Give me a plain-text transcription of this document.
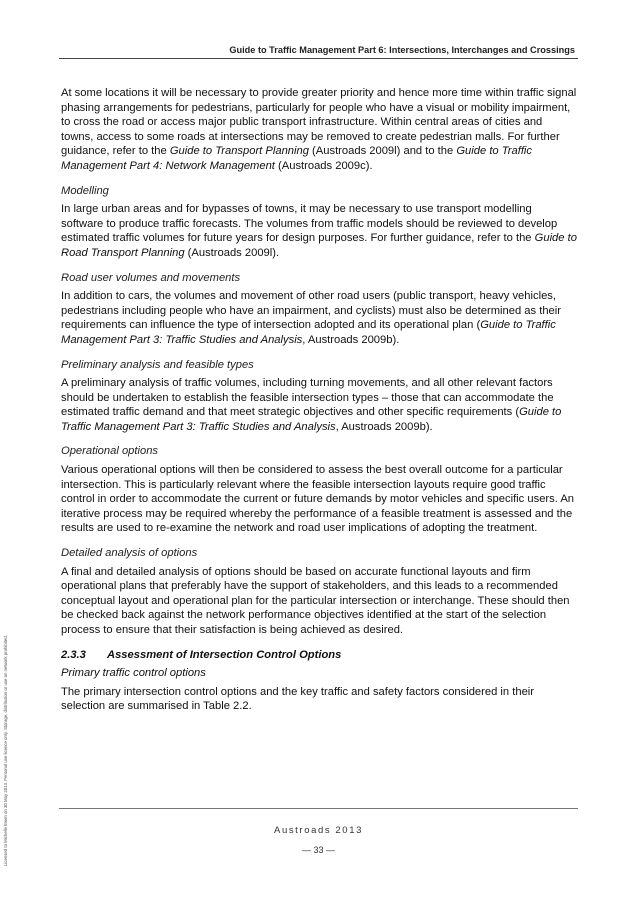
Guide to Traffic Management Part 6: Intersections, Interchanges and Crossings

At some locations it will be necessary to provide greater priority and hence more time within traffic signal phasing arrangements for pedestrians, particularly for people who have a visual or mobility impairment, to cross the road or access major public transport infrastructure. Within central areas of cities and towns, access to some roads at intersections may be removed to create pedestrian malls. For further guidance, refer to the Guide to Transport Planning (Austroads 2009l) and to the Guide to Traffic Management Part 4: Network Management (Austroads 2009c).

Modelling

In large urban areas and for bypasses of towns, it may be necessary to use transport modelling software to produce traffic forecasts. The volumes from traffic models should be reviewed to develop estimated traffic volumes for future years for design purposes. For further guidance, refer to the Guide to Road Transport Planning (Austroads 2009l).

Road user volumes and movements

In addition to cars, the volumes and movement of other road users (public transport, heavy vehicles, pedestrians including people who have an impairment, and cyclists) must also be determined as their requirements can influence the type of intersection adopted and its operational plan (Guide to Traffic Management Part 3: Traffic Studies and Analysis, Austroads 2009b).

Preliminary analysis and feasible types

A preliminary analysis of traffic volumes, including turning movements, and all other relevant factors should be undertaken to establish the feasible intersection types – those that can accommodate the estimated traffic demand and that meet strategic objectives and other specific requirements (Guide to Traffic Management Part 3: Traffic Studies and Analysis, Austroads 2009b).

Operational options

Various operational options will then be considered to assess the best overall outcome for a particular intersection. This is particularly relevant where the feasible intersection layouts require good traffic control in order to accommodate the current or future demands by motor vehicles and specific users. An iterative process may be required whereby the performance of a feasible treatment is assessed and the results are used to re-examine the network and road user implications of adopting the treatment.

Detailed analysis of options

A final and detailed analysis of options should be based on accurate functional layouts and firm operational plans that preferably have the support of stakeholders, and this leads to a recommended conceptual layout and operational plan for the particular intersection or interchange. These should then be checked back against the network performance objectives identified at the start of the selection process to ensure that their satisfaction is being achieved as desired.

2.3.3 Assessment of Intersection Control Options

Primary traffic control options

The primary intersection control options and the key traffic and safety factors considered in their selection are summarised in Table 2.2.

Austroads 2013
— 33 —
Licensed to Michelle Ewen on 30 May 2013. Personal use licence only. Storage, distribution or use on network prohibited.
